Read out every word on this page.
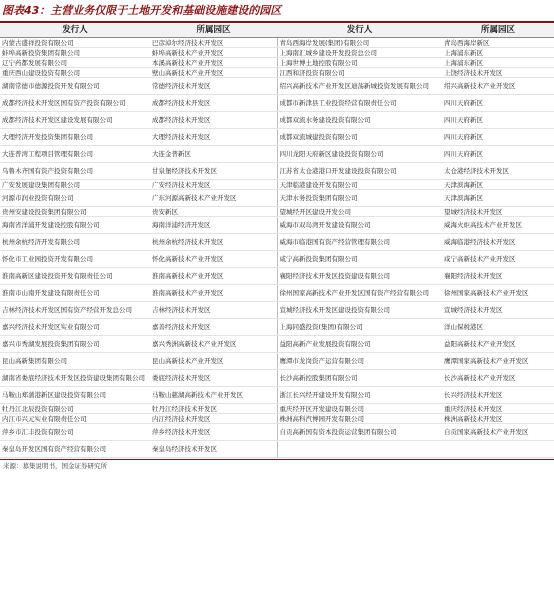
图表43：主营业务仅限于土地开发和基础设施建设的园区
发行人	所属园区	发行人	所属园区
内蒙古盛祥投资有限公司	巴彦淖尔经济技术开发区	青岛西海岸发展(集团)有限公司	青岛西海岸新区
蚌埠高新投资集团有限公司	蚌埠高新技术产业开发区	上海南汇城乡建设开发投资总公司	上海浦东新区
辽宁药都发展有限公司	本溪高新技术产业开发区	上海世博土地控股有限公司	上海浦东新区
重庆西山建设投资有限公司	壁山高新技术产业开发区	江西和济投资有限公司	上饶经济技术开发区
湖南常德市德源投资开发有限公司	常德经济技术开发区	绍兴高新技术产业开发区迪荡新城投资发展有限公司	绍兴高新技术产业开发区
成都经济技术开发区国有资产投资有限公司	成都经济技术开发区	成都市新津县工业投资经营有限责任公司	四川天府新区
成都经济技术开发区建设发展有限公司	成都经济技术开发区	成都双流水务建设投资有限公司	四川天府新区
大理经济开发投资集团有限公司	大理经济技术开发区	成都双流城建投资有限公司	四川天府新区
大连普湾工程项目管理有限公司	大连金普新区	四川龙阳天府新区建设投资有限公司	四川天府新区
乌鲁木齐国有资产投资有限公司	甘泉堡经济技术开发区	江苏省太仓港港口开发建设投资有限公司	太仓港经济技术开发区
广安发展建设集团有限公司	广安经济技术开发区	天津临港建设开发有限公司	天津滨海新区
河源市润业投资有限公司	广东河源高新技术产业开发区	天津水务投资集团有限公司	天津滨海新区
贵州安建设投资集团有限公司	贵安新区	望城经开区建设开发公司	望城经济技术开发区
海南省洋浦开发建设控股有限公司	海南洋浦经济开发区	威海市双岛湾开发建设有限公司	威海火炬高技术产业开发区
杭州余杭经济开发有限公司	杭州余杭经济技术开发区	威海市临港国有资产经营管理有限公司	威海临港经济技术开发区
怀化市工业园投资开发有限公司	怀化高新技术产业开发区	咸宁高新投资集团有限公司	咸宁高新技术产业开发区
淮南高新区建设投资开发有限责任公司	淮南高新技术产业开发区	襄阳经济技术开发区投资建设有限公司	襄阳经济技术开发区
淮南市山南开发建设有限责任公司	淮南高新技术产业开发区	徐州国家高新技术产业开发区国有资产经营有限公司	徐州国家高新技术产业开发区
吉林经济技术开发区国有资产经营开发总公司	吉林经济技术开发区	宣城经济技术开发区建设投资有限公司	宣城经济技术开发区
嘉兴经济技术开发区实业有限公司	嘉善经济技术开发区	上海同盛投资(集团)有限公司	洋山保税港区
嘉兴市秀湖发展投资集团有限公司	嘉兴秀洲高新技术产业开发区	益阳高新产业发展投资有限公司	益阳高新技术产业开发区
昆山高新集团有限公司	昆山高新技术产业开发区	鹰潭市龙岗资产运营有限公司	鹰潭国家高新技术产业开发区
湖南省娄底经济技术开发区投资建设集团有限公司	娄底经济技术开发区	长沙高新控股集团有限公司	长沙高新技术产业开发区
马鞍山郑蒲港新区建设投资有限公司	马鞍山慈湖高新技术产业开发区	浙江长兴经开建设开发有限公司	长兴经济技术开发区
牡丹江北辰投资有限公司	牡丹江经济技术开发区	重庆经开区开发建设有限公司	重庆经济技术开发区
内江市兴元实业有限责任公司	内江经济技术开发区	株洲高科汽博园开发有限公司	株洲高新技术开发区
萍乡市汇丰投资有限公司	萍乡经济技术开发区	自贡高新国有资本投资运营集团有限公司	自贡国家高新技术产业开发区
秦皇岛开发区国有资产经营有限公司	秦皇岛经济技术开发区		
来源：募集说明书，国金证券研究所
